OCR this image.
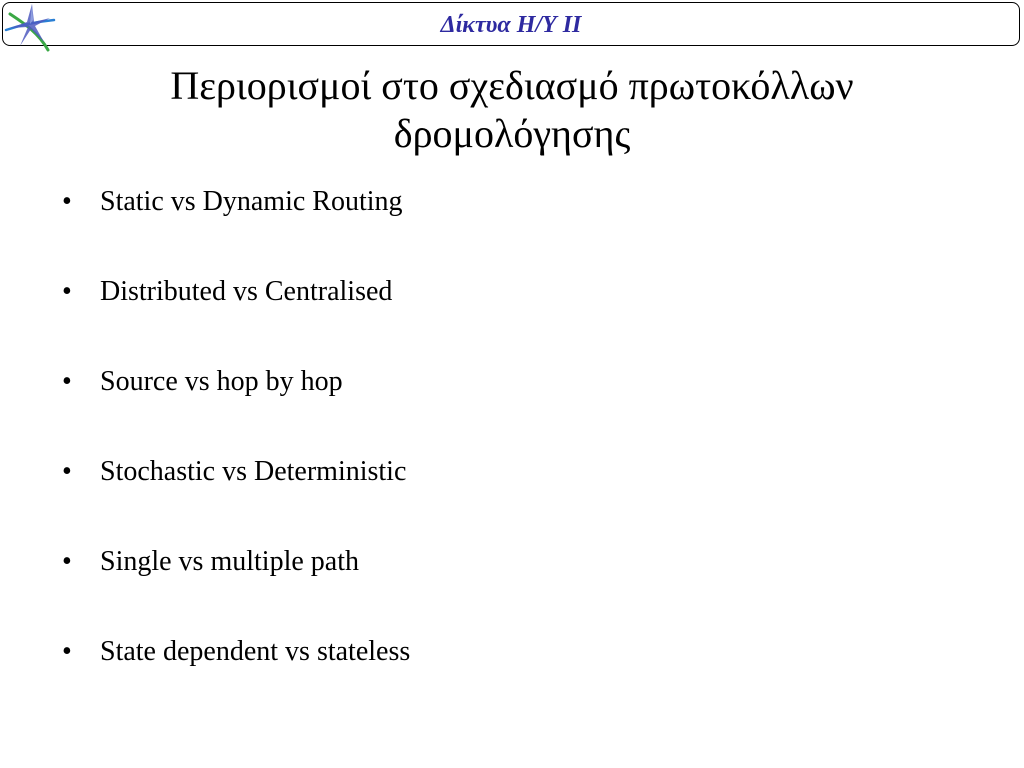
Δίκτυα Η/Υ ΙΙ
Περιορισμοί στο σχεδιασμό πρωτοκόλλων δρομολόγησης
•	Static vs Dynamic Routing
•	Distributed vs Centralised
•	Source vs hop by hop
•	Stochastic vs Deterministic
•	Single vs multiple path
•	State dependent vs stateless
